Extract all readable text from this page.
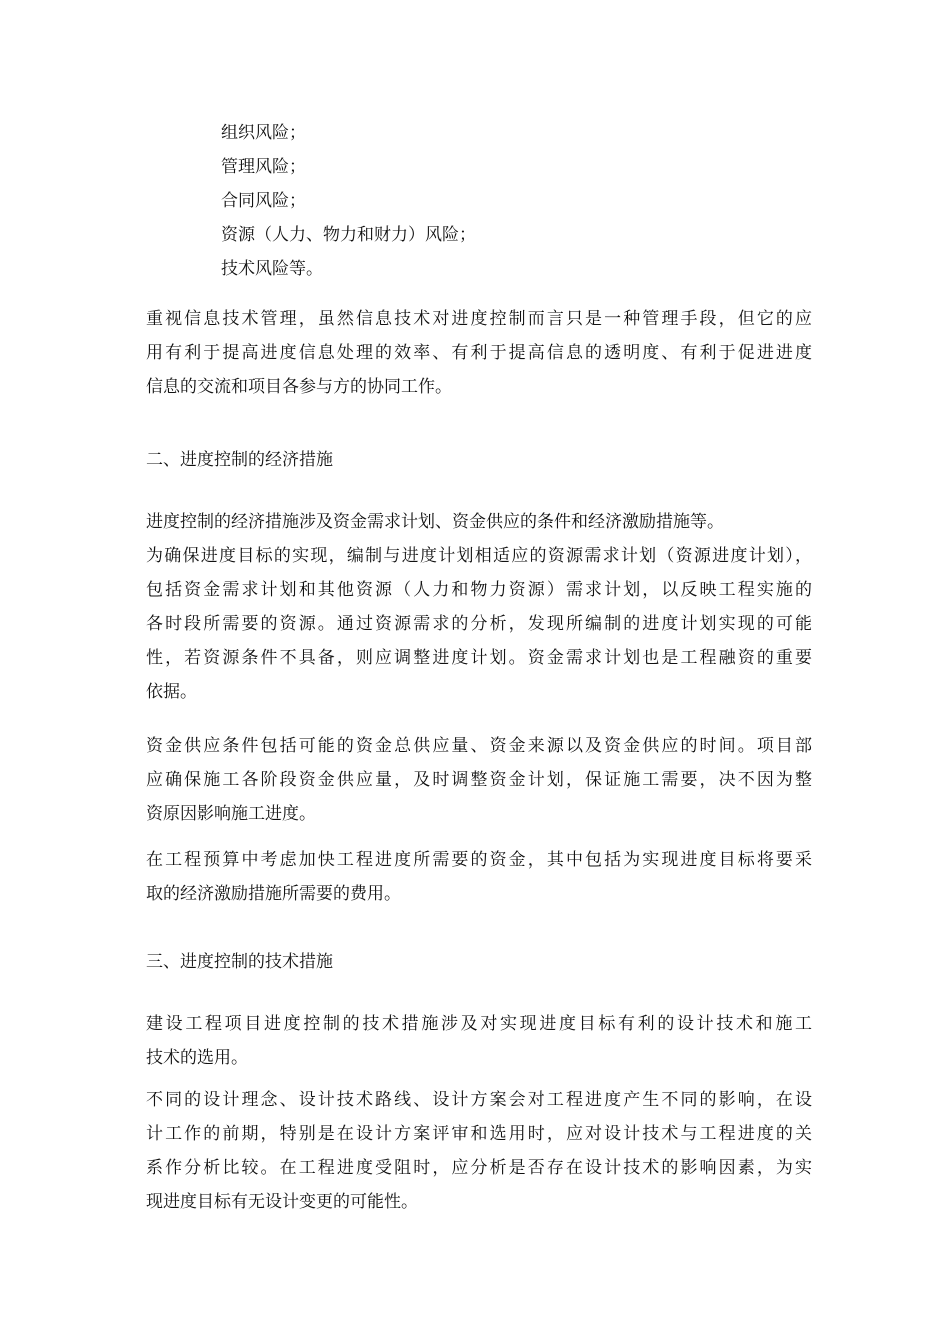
组织风险；
管理风险；
合同风险；
资源（人力、物力和财力）风险；
技术风险等。
重视信息技术管理，虽然信息技术对进度控制而言只是一种管理手段，但它的应
用有利于提高进度信息处理的效率、有利于提高信息的透明度、有利于促进进度
信息的交流和项目各参与方的协同工作。
二、进度控制的经济措施
进度控制的经济措施涉及资金需求计划、资金供应的条件和经济激励措施等。
为确保进度目标的实现，编制与进度计划相适应的资源需求计划（资源进度计划），
包括资金需求计划和其他资源（人力和物力资源）需求计划，以反映工程实施的
各时段所需要的资源。通过资源需求的分析，发现所编制的进度计划实现的可能
性，若资源条件不具备，则应调整进度计划。资金需求计划也是工程融资的重要
依据。
资金供应条件包括可能的资金总供应量、资金来源以及资金供应的时间。项目部
应确保施工各阶段资金供应量，及时调整资金计划，保证施工需要，决不因为整
资原因影响施工进度。
在工程预算中考虑加快工程进度所需要的资金，其中包括为实现进度目标将要采
取的经济激励措施所需要的费用。
三、进度控制的技术措施
建设工程项目进度控制的技术措施涉及对实现进度目标有利的设计技术和施工
技术的选用。
不同的设计理念、设计技术路线、设计方案会对工程进度产生不同的影响，在设
计工作的前期，特别是在设计方案评审和选用时，应对设计技术与工程进度的关
系作分析比较。在工程进度受阻时，应分析是否存在设计技术的影响因素，为实
现进度目标有无设计变更的可能性。
